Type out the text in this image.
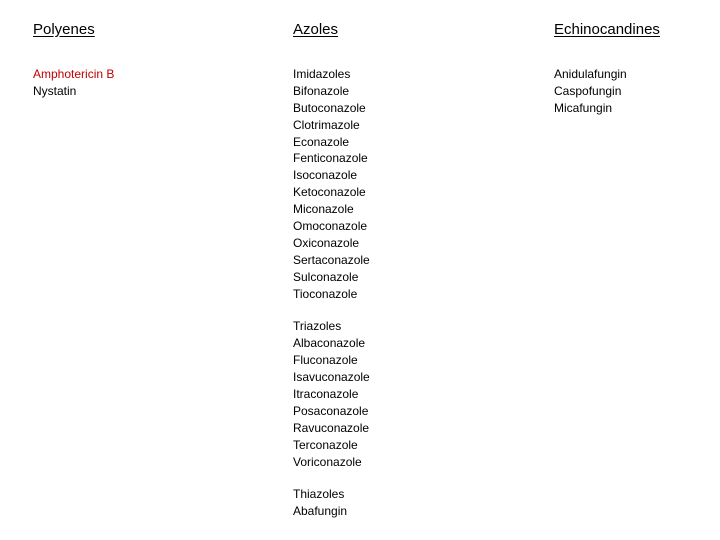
Polyenes
Amphotericin B
Nystatin
Azoles
Imidazoles
Bifonazole
Butoconazole
Clotrimazole
Econazole
Fenticonazole
Isoconazole
Ketoconazole
Miconazole
Omoconazole
Oxiconazole
Sertaconazole
Sulconazole
Tioconazole
Triazoles
Albaconazole
Fluconazole
Isavuconazole
Itraconazole
Posaconazole
Ravuconazole
Terconazole
Voriconazole
Thiazoles
Abafungin
Echinocandines
Anidulafungin
Caspofungin
Micafungin
